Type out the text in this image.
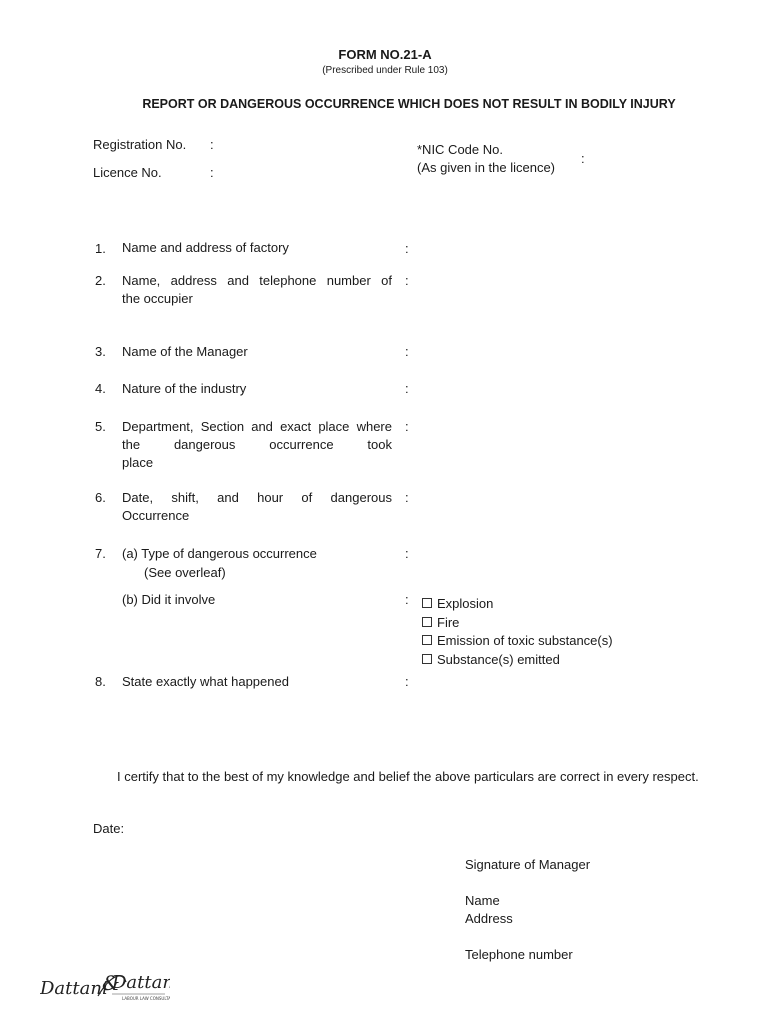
FORM NO.21-A
(Prescribed under Rule 103)
REPORT OR DANGEROUS OCCURRENCE WHICH DOES NOT RESULT IN BODILY INJURY
Registration No. :
Licence No.	:
*NIC Code No.
(As given in the licence)
:
1. Name and address of factory	:
2. Name, address and telephone number of
the occupier
:
3. Name of the Manager	:
4. Nature of the industry	:
5. Department, Section and exact place where the dangerous occurrence took
place
:
6. Date, shift, and hour of dangerous
Occurrence
:
7. (a) Type of dangerous occurrence
(See overleaf)
:
(b) Did it involve	:	Explosion
Fire
Emission of toxic substance(s)
Substance(s) emitted
8. State exactly what happened	:
I certify that to the best of my knowledge and belief the above particulars are correct in every respect.
Date:
Signature of Manager
Name
Address
Telephone number
Dattani
&
Datta
LABOUR LAW CONSULT
